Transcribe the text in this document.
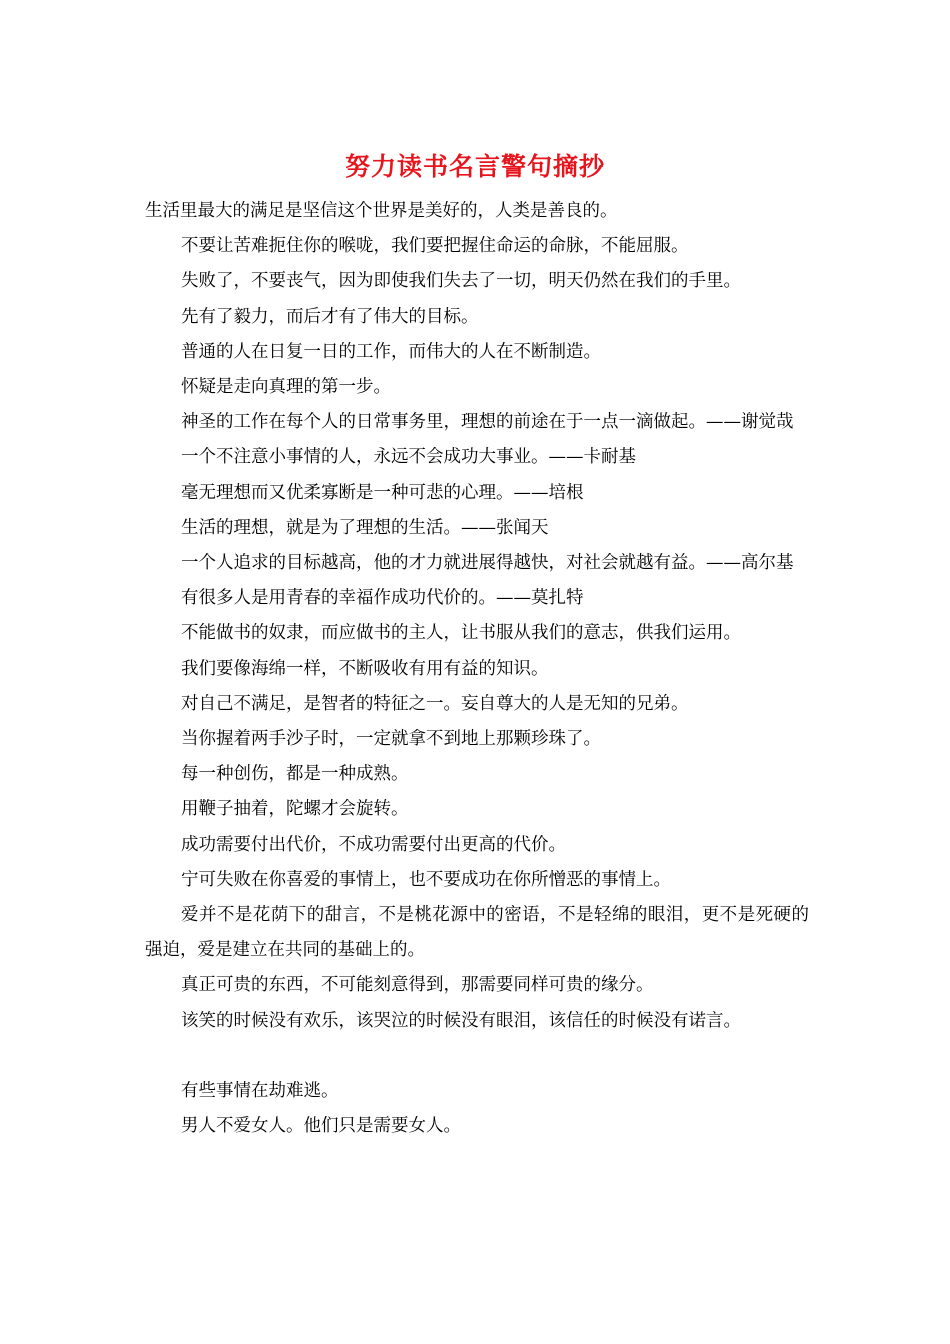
努力读书名言警句摘抄

生活里最大的满足是坚信这个世界是美好的，人类是善良的。

不要让苦难扼住你的喉咙，我们要把握住命运的命脉，不能屈服。

失败了，不要丧气，因为即使我们失去了一切，明天仍然在我们的手里。

先有了毅力，而后才有了伟大的目标。

普通的人在日复一日的工作，而伟大的人在不断制造。

怀疑是走向真理的第一步。

神圣的工作在每个人的日常事务里，理想的前途在于一点一滴做起。——谢觉哉

一个不注意小事情的人，永远不会成功大事业。——卡耐基

毫无理想而又优柔寡断是一种可悲的心理。——培根

生活的理想，就是为了理想的生活。——张闻天

一个人追求的目标越高，他的才力就进展得越快，对社会就越有益。——高尔基

有很多人是用青春的幸福作成功代价的。——莫扎特

不能做书的奴隶，而应做书的主人，让书服从我们的意志，供我们运用。

我们要像海绵一样，不断吸收有用有益的知识。

对自己不满足，是智者的特征之一。妄自尊大的人是无知的兄弟。

当你握着两手沙子时，一定就拿不到地上那颗珍珠了。

每一种创伤，都是一种成熟。

用鞭子抽着，陀螺才会旋转。

成功需要付出代价，不成功需要付出更高的代价。

宁可失败在你喜爱的事情上，也不要成功在你所憎恶的事情上。

爱并不是花荫下的甜言，不是桃花源中的密语，不是轻绵的眼泪，更不是死硬的强迫，爱是建立在共同的基础上的。

真正可贵的东西，不可能刻意得到，那需要同样可贵的缘分。

该笑的时候没有欢乐，该哭泣的时候没有眼泪，该信任的时候没有诺言。

有些事情在劫难逃。

男人不爱女人。他们只是需要女人。
